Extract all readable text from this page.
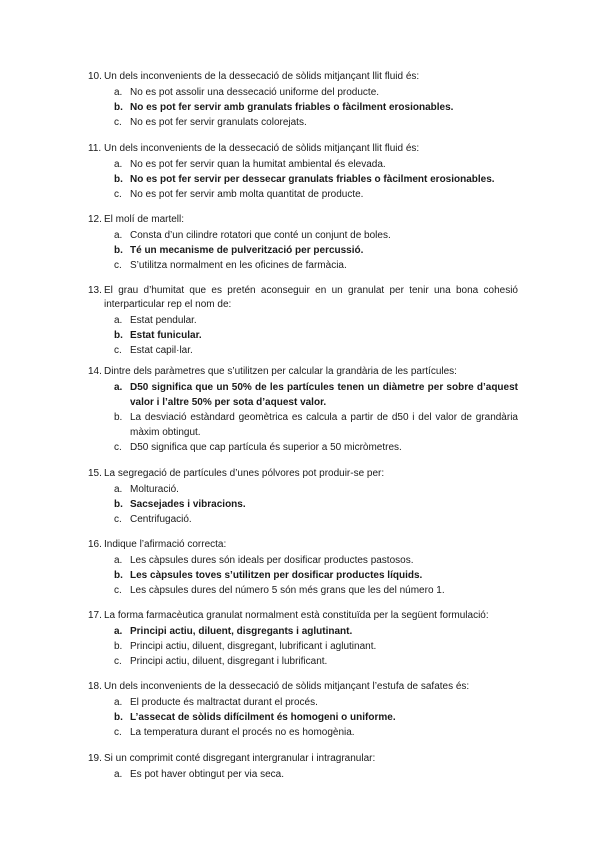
10. Un dels inconvenients de la dessecació de sòlids mitjançant llit fluid és:
a. No es pot assolir una dessecació uniforme del producte.
b. No es pot fer servir amb granulats friables o fàcilment erosionables.
c. No es pot fer servir granulats colorejats.
11. Un dels inconvenients de la dessecació de sòlids mitjançant llit fluid és:
a. No es pot fer servir quan la humitat ambiental és elevada.
b. No es pot fer servir per dessecar granulats friables o fàcilment erosionables.
c. No es pot fer servir amb molta quantitat de producte.
12. El molí de martell:
a. Consta d’un cilindre rotatori que conté un conjunt de boles.
b. Té un mecanisme de pulverització per percussió.
c. S’utilitza normalment en les oficines de farmàcia.
13. El grau d’humitat que es pretén aconseguir en un granulat per tenir una bona cohesió interparticular rep el nom de:
a. Estat pendular.
b. Estat funicular.
c. Estat capil·lar.
14. Dintre dels paràmetres que s’utilitzen per calcular la grandària de les partícules:
a. D50 significa que un 50% de les partícules tenen un diàmetre per sobre d’aquest valor i l’altre 50% per sota d’aquest valor.
b. La desviació estàndard geomètrica es calcula a partir de d50 i del valor de grandària màxim obtingut.
c. D50 significa que cap partícula és superior a 50 micròmetres.
15. La segregació de partícules d’unes pólvores pot produir-se per:
a. Molturació.
b. Sacsejades i vibracions.
c. Centrifugació.
16. Indique l’afirmació correcta:
a. Les càpsules dures són ideals per dosificar productes pastosos.
b. Les càpsules toves s’utilitzen per dosificar productes líquids.
c. Les càpsules dures del número 5 són més grans que les del número 1.
17. La forma farmacèutica granulat normalment està constituïda per la següent formulació:
a. Principi actiu, diluent, disgregants i aglutinant.
b. Principi actiu, diluent, disgregant, lubrificant i aglutinant.
c. Principi actiu, diluent, disgregant i lubrificant.
18. Un dels inconvenients de la dessecació de sòlids mitjançant l’estufa de safates és:
a. El producte és maltractat durant el procés.
b. L’assecat de sòlids difícilment és homogeni o uniforme.
c. La temperatura durant el procés no es homogènia.
19. Si un comprimit conté disgregant intergranular i intragranular:
a. Es pot haver obtingut per via seca.
